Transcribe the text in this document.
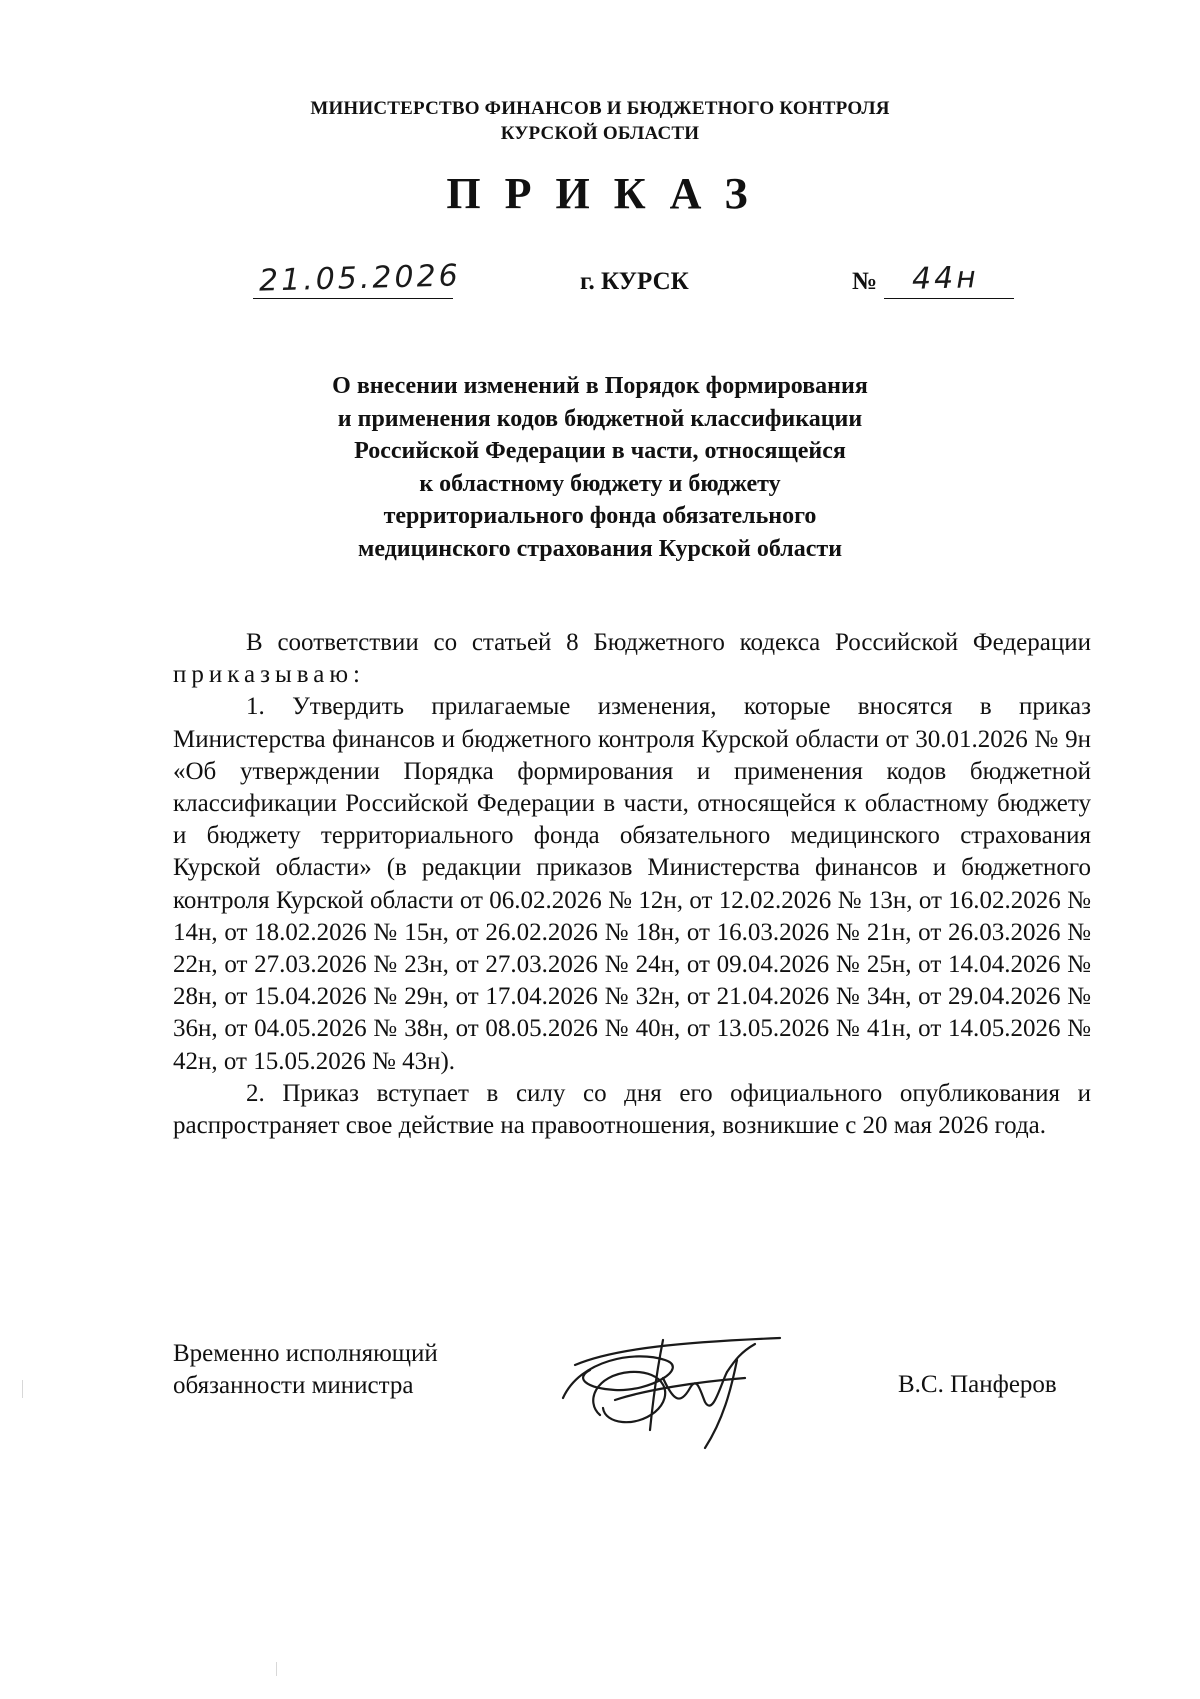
МИНИСТЕРСТВО ФИНАНСОВ И БЮДЖЕТНОГО КОНТРОЛЯ
КУРСКОЙ ОБЛАСТИ
ПРИКАЗ
21.05.2026	г. КУРСК	№ 44н
О внесении изменений в Порядок формирования
и применения кодов бюджетной классификации
Российской Федерации в части, относящейся
к областному бюджету и бюджету
территориального фонда обязательного
медицинского страхования Курской области

В соответствии со статьей 8 Бюджетного кодекса Российской Федерации приказываю:

1. Утвердить прилагаемые изменения, которые вносятся в приказ Министерства финансов и бюджетного контроля Курской области от 30.01.2026 № 9н «Об утверждении Порядка формирования и применения кодов бюджетной классификации Российской Федерации в части, относящейся к областному бюджету и бюджету территориального фонда обязательного медицинского страхования Курской области» (в редакции приказов Министерства финансов и бюджетного контроля Курской области от 06.02.2026 № 12н, от 12.02.2026 № 13н, от 16.02.2026 № 14н, от 18.02.2026 № 15н, от 26.02.2026 № 18н, от 16.03.2026 № 21н, от 26.03.2026 № 22н, от 27.03.2026 № 23н, от 27.03.2026 № 24н, от 09.04.2026 № 25н, от 14.04.2026 № 28н, от 15.04.2026 № 29н, от 17.04.2026 № 32н, от 21.04.2026 № 34н, от 29.04.2026 № 36н, от 04.05.2026 № 38н, от 08.05.2026 № 40н, от 13.05.2026 № 41н, от 14.05.2026 № 42н, от 15.05.2026 № 43н).

2. Приказ вступает в силу со дня его официального опубликования и распространяет свое действие на правоотношения, возникшие с 20 мая 2026 года.

Временно исполняющий
обязанности министра	В.С. Панферов
